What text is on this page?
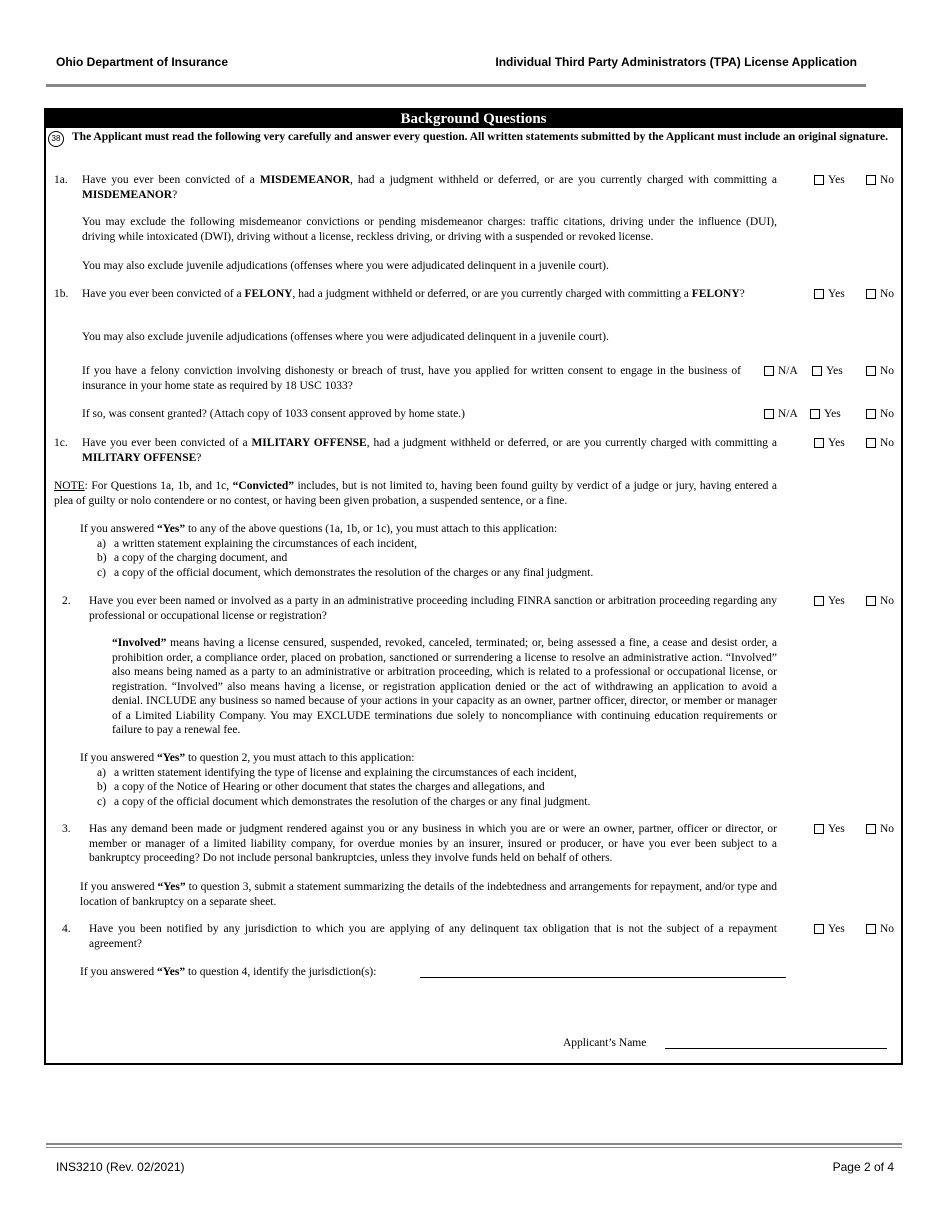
Ohio Department of Insurance	Individual Third Party Administrators (TPA) License Application
Background Questions
38	The Applicant must read the following very carefully and answer every question. All written statements submitted by the Applicant must include an original signature.
1a. Have you ever been convicted of a MISDEMEANOR, had a judgment withheld or deferred, or are you currently charged with committing a MISDEMEANOR?
Yes	No
You may exclude the following misdemeanor convictions or pending misdemeanor charges: traffic citations, driving under the influence (DUI), driving while intoxicated (DWI), driving without a license, reckless driving, or driving with a suspended or revoked license.
You may also exclude juvenile adjudications (offenses where you were adjudicated delinquent in a juvenile court).
1b. Have you ever been convicted of a FELONY, had a judgment withheld or deferred, or are you currently charged with committing a FELONY?	Yes	No
You may also exclude juvenile adjudications (offenses where you were adjudicated delinquent in a juvenile court).
If you have a felony conviction involving dishonesty or breach of trust, have you applied for written consent to engage in the business of insurance in your home state as required by 18 USC 1033?
N/A Yes	No
If so, was consent granted? (Attach copy of 1033 consent approved by home state.)	N/A Yes	No
1c. Have you ever been convicted of a MILITARY OFFENSE, had a judgment withheld or deferred, or are you currently charged with committing a MILITARY OFFENSE?
Yes	No
NOTE: For Questions 1a, 1b, and 1c, “Convicted” includes, but is not limited to, having been found guilty by verdict of a judge or jury, having entered a plea of guilty or nolo contendere or no contest, or having been given probation, a suspended sentence, or a fine.
If you answered “Yes” to any of the above questions (1a, 1b, or 1c), you must attach to this application:
a) a written statement explaining the circumstances of each incident,
b) a copy of the charging document, and
c) a copy of the official document, which demonstrates the resolution of the charges or any final judgment.
2. Have you ever been named or involved as a party in an administrative proceeding including FINRA sanction or arbitration proceeding regarding any professional or occupational license or registration?
Yes	No
“Involved” means having a license censured, suspended, revoked, canceled, terminated; or, being assessed a fine, a cease and desist order, a prohibition order, a compliance order, placed on probation, sanctioned or surrendering a license to resolve an administrative action. “Involved” also means being named as a party to an administrative or arbitration proceeding, which is related to a professional or occupational license, or registration. “Involved” also means having a license, or registration application denied or the act of withdrawing an application to avoid a denial. INCLUDE any business so named because of your actions in your capacity as an owner, partner officer, director, or member or manager of a Limited Liability Company. You may EXCLUDE terminations due solely to noncompliance with continuing education requirements or failure to pay a renewal fee.
If you answered “Yes” to question 2, you must attach to this application:
a) a written statement identifying the type of license and explaining the circumstances of each incident,
b) a copy of the Notice of Hearing or other document that states the charges and allegations, and
c) a copy of the official document which demonstrates the resolution of the charges or any final judgment.
3. Has any demand been made or judgment rendered against you or any business in which you are or were an owner, partner, officer or director, or member or manager of a limited liability company, for overdue monies by an insurer, insured or producer, or have you ever been subject to a bankruptcy proceeding? Do not include personal bankruptcies, unless they involve funds held on behalf of others.
Yes	No
If you answered “Yes” to question 3, submit a statement summarizing the details of the indebtedness and arrangements for repayment, and/or type and location of bankruptcy on a separate sheet.
4. Have you been notified by any jurisdiction to which you are applying of any delinquent tax obligation that is not the subject of a repayment agreement?
Yes	No
If you answered “Yes” to question 4, identify the jurisdiction(s):
Applicant’s Name
INS3210 (Rev. 02/2021)	Page 2 of 4
